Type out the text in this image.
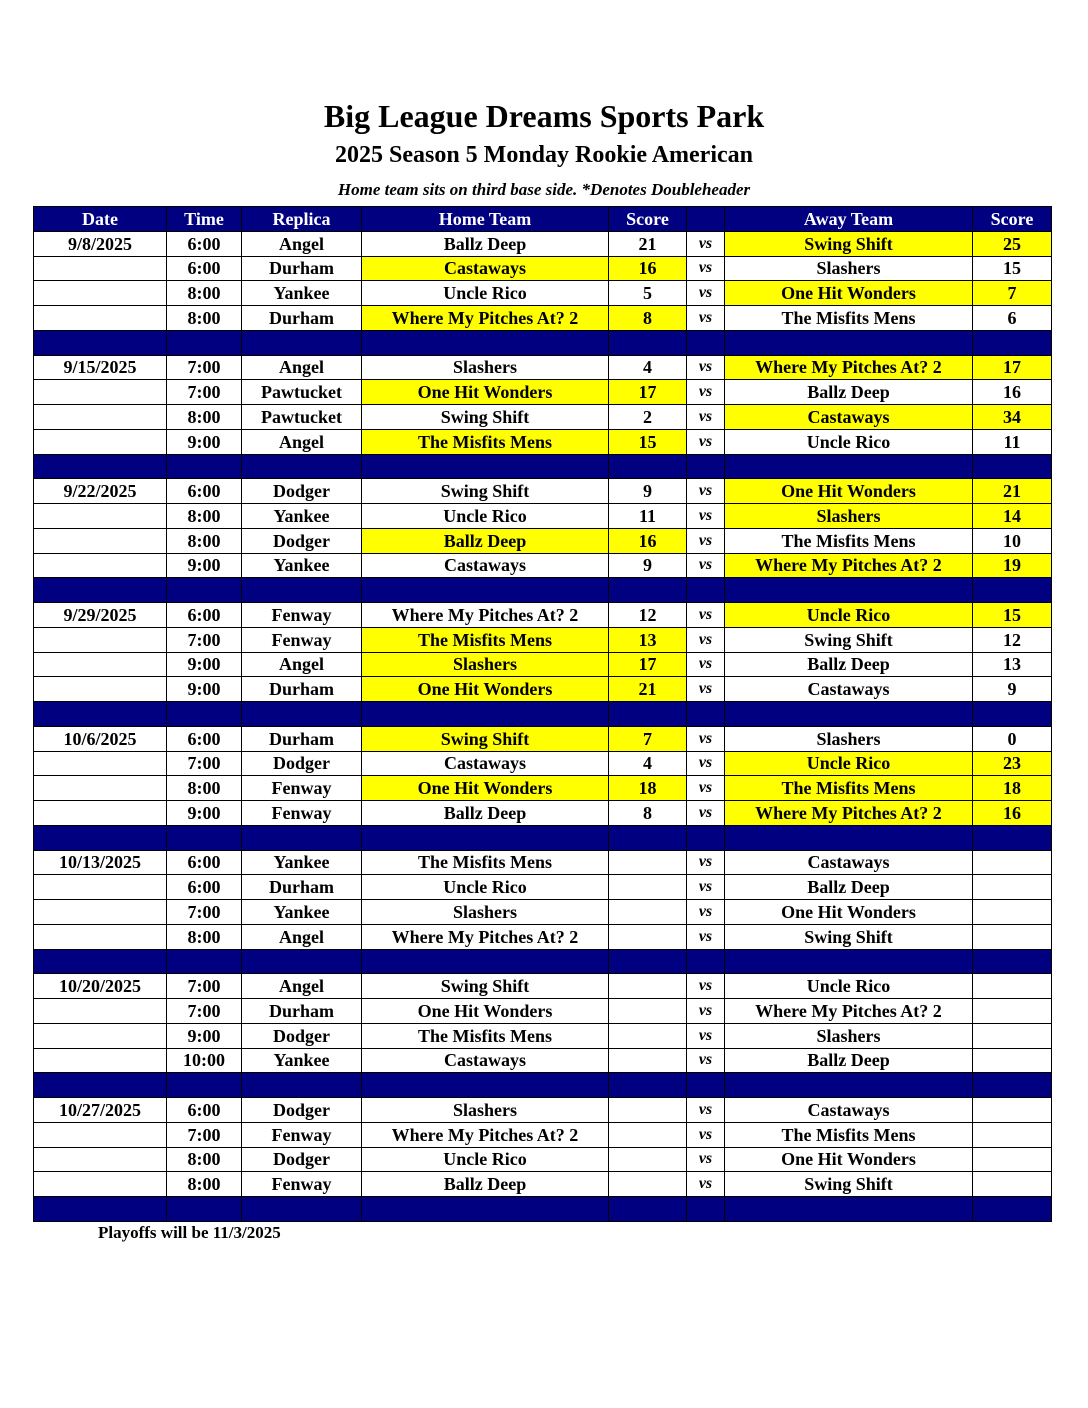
Big League Dreams Sports Park
2025 Season 5 Monday Rookie American
Home team sits on third base side. *Denotes Doubleheader
Date	Time	Replica	Home Team	Score		Away Team	Score
9/8/2025	6:00	Angel	Ballz Deep	21	vs	Swing Shift	25
	6:00	Durham	Castaways	16	vs	Slashers	15
	8:00	Yankee	Uncle Rico	5	vs	One Hit Wonders	7
	8:00	Durham	Where My Pitches At? 2	8	vs	The Misfits Mens	6

9/15/2025	7:00	Angel	Slashers	4	vs	Where My Pitches At? 2	17
	7:00	Pawtucket	One Hit Wonders	17	vs	Ballz Deep	16
	8:00	Pawtucket	Swing Shift	2	vs	Castaways	34
	9:00	Angel	The Misfits Mens	15	vs	Uncle Rico	11

9/22/2025	6:00	Dodger	Swing Shift	9	vs	One Hit Wonders	21
	8:00	Yankee	Uncle Rico	11	vs	Slashers	14
	8:00	Dodger	Ballz Deep	16	vs	The Misfits Mens	10
	9:00	Yankee	Castaways	9	vs	Where My Pitches At? 2	19

9/29/2025	6:00	Fenway	Where My Pitches At? 2	12	vs	Uncle Rico	15
	7:00	Fenway	The Misfits Mens	13	vs	Swing Shift	12
	9:00	Angel	Slashers	17	vs	Ballz Deep	13
	9:00	Durham	One Hit Wonders	21	vs	Castaways	9

10/6/2025	6:00	Durham	Swing Shift	7	vs	Slashers	0
	7:00	Dodger	Castaways	4	vs	Uncle Rico	23
	8:00	Fenway	One Hit Wonders	18	vs	The Misfits Mens	18
	9:00	Fenway	Ballz Deep	8	vs	Where My Pitches At? 2	16

10/13/2025	6:00	Yankee	The Misfits Mens		vs	Castaways	
	6:00	Durham	Uncle Rico		vs	Ballz Deep	
	7:00	Yankee	Slashers		vs	One Hit Wonders	
	8:00	Angel	Where My Pitches At? 2		vs	Swing Shift	

10/20/2025	7:00	Angel	Swing Shift		vs	Uncle Rico	
	7:00	Durham	One Hit Wonders		vs	Where My Pitches At? 2	
	9:00	Dodger	The Misfits Mens		vs	Slashers	
	10:00	Yankee	Castaways		vs	Ballz Deep	

10/27/2025	6:00	Dodger	Slashers		vs	Castaways	
	7:00	Fenway	Where My Pitches At? 2		vs	The Misfits Mens	
	8:00	Dodger	Uncle Rico		vs	One Hit Wonders	
	8:00	Fenway	Ballz Deep		vs	Swing Shift	

Playoffs will be 11/3/2025
